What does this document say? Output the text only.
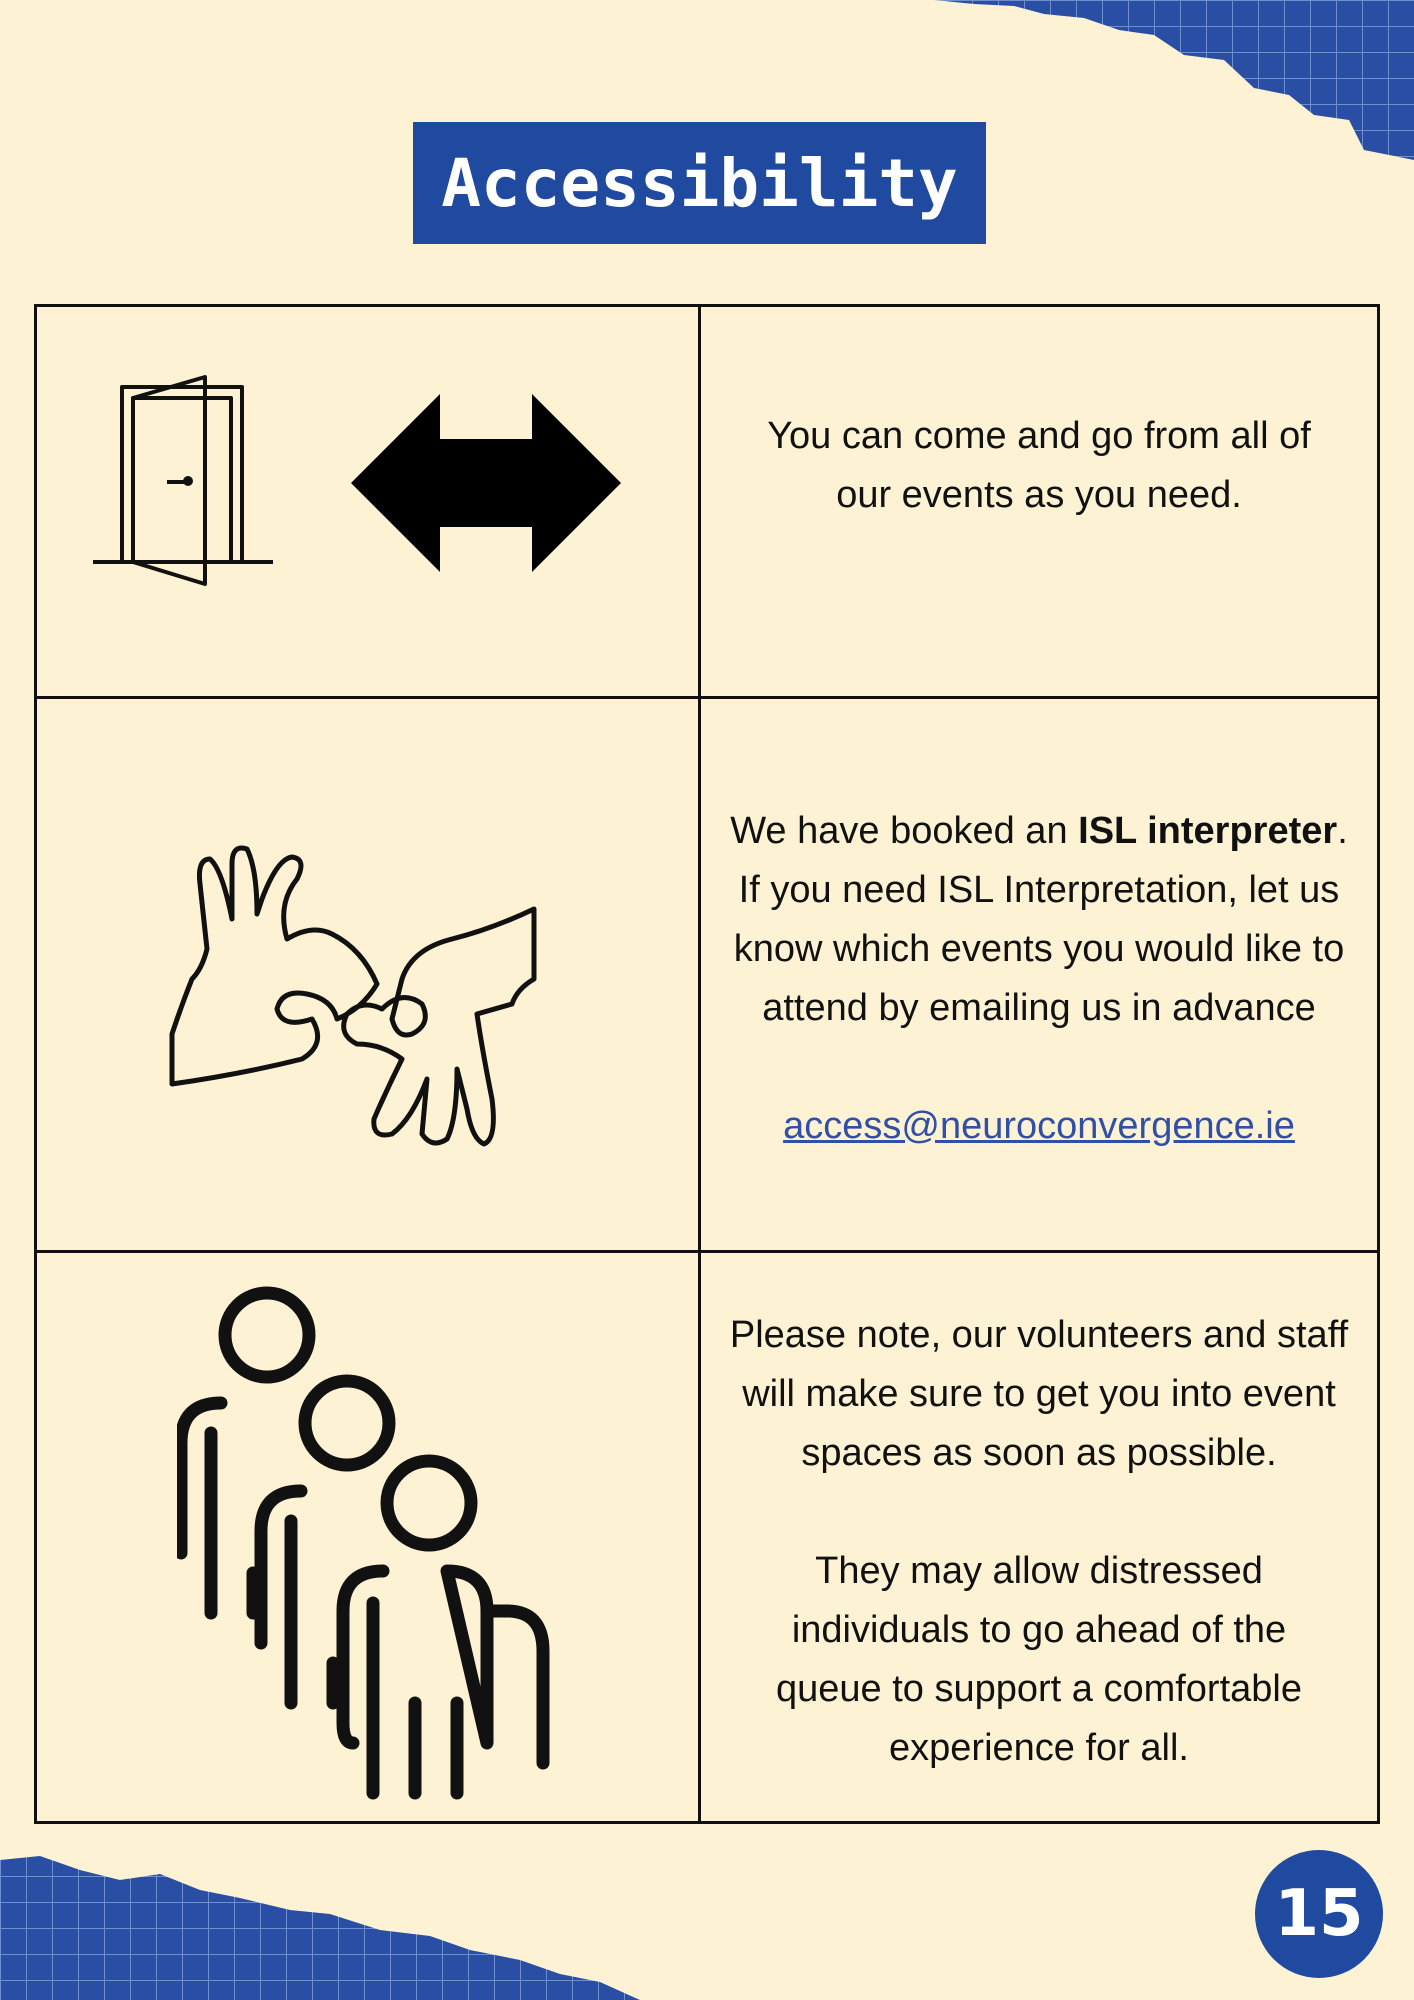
Accessibility

You can come and go from all of our events as you need.

We have booked an ISL interpreter. If you need ISL Interpretation, let us know which events you would like to attend by emailing us in advance

access@neuroconvergence.ie

Please note, our volunteers and staff will make sure to get you into event spaces as soon as possible.

They may allow distressed individuals to go ahead of the queue to support a comfortable experience for all.

15
